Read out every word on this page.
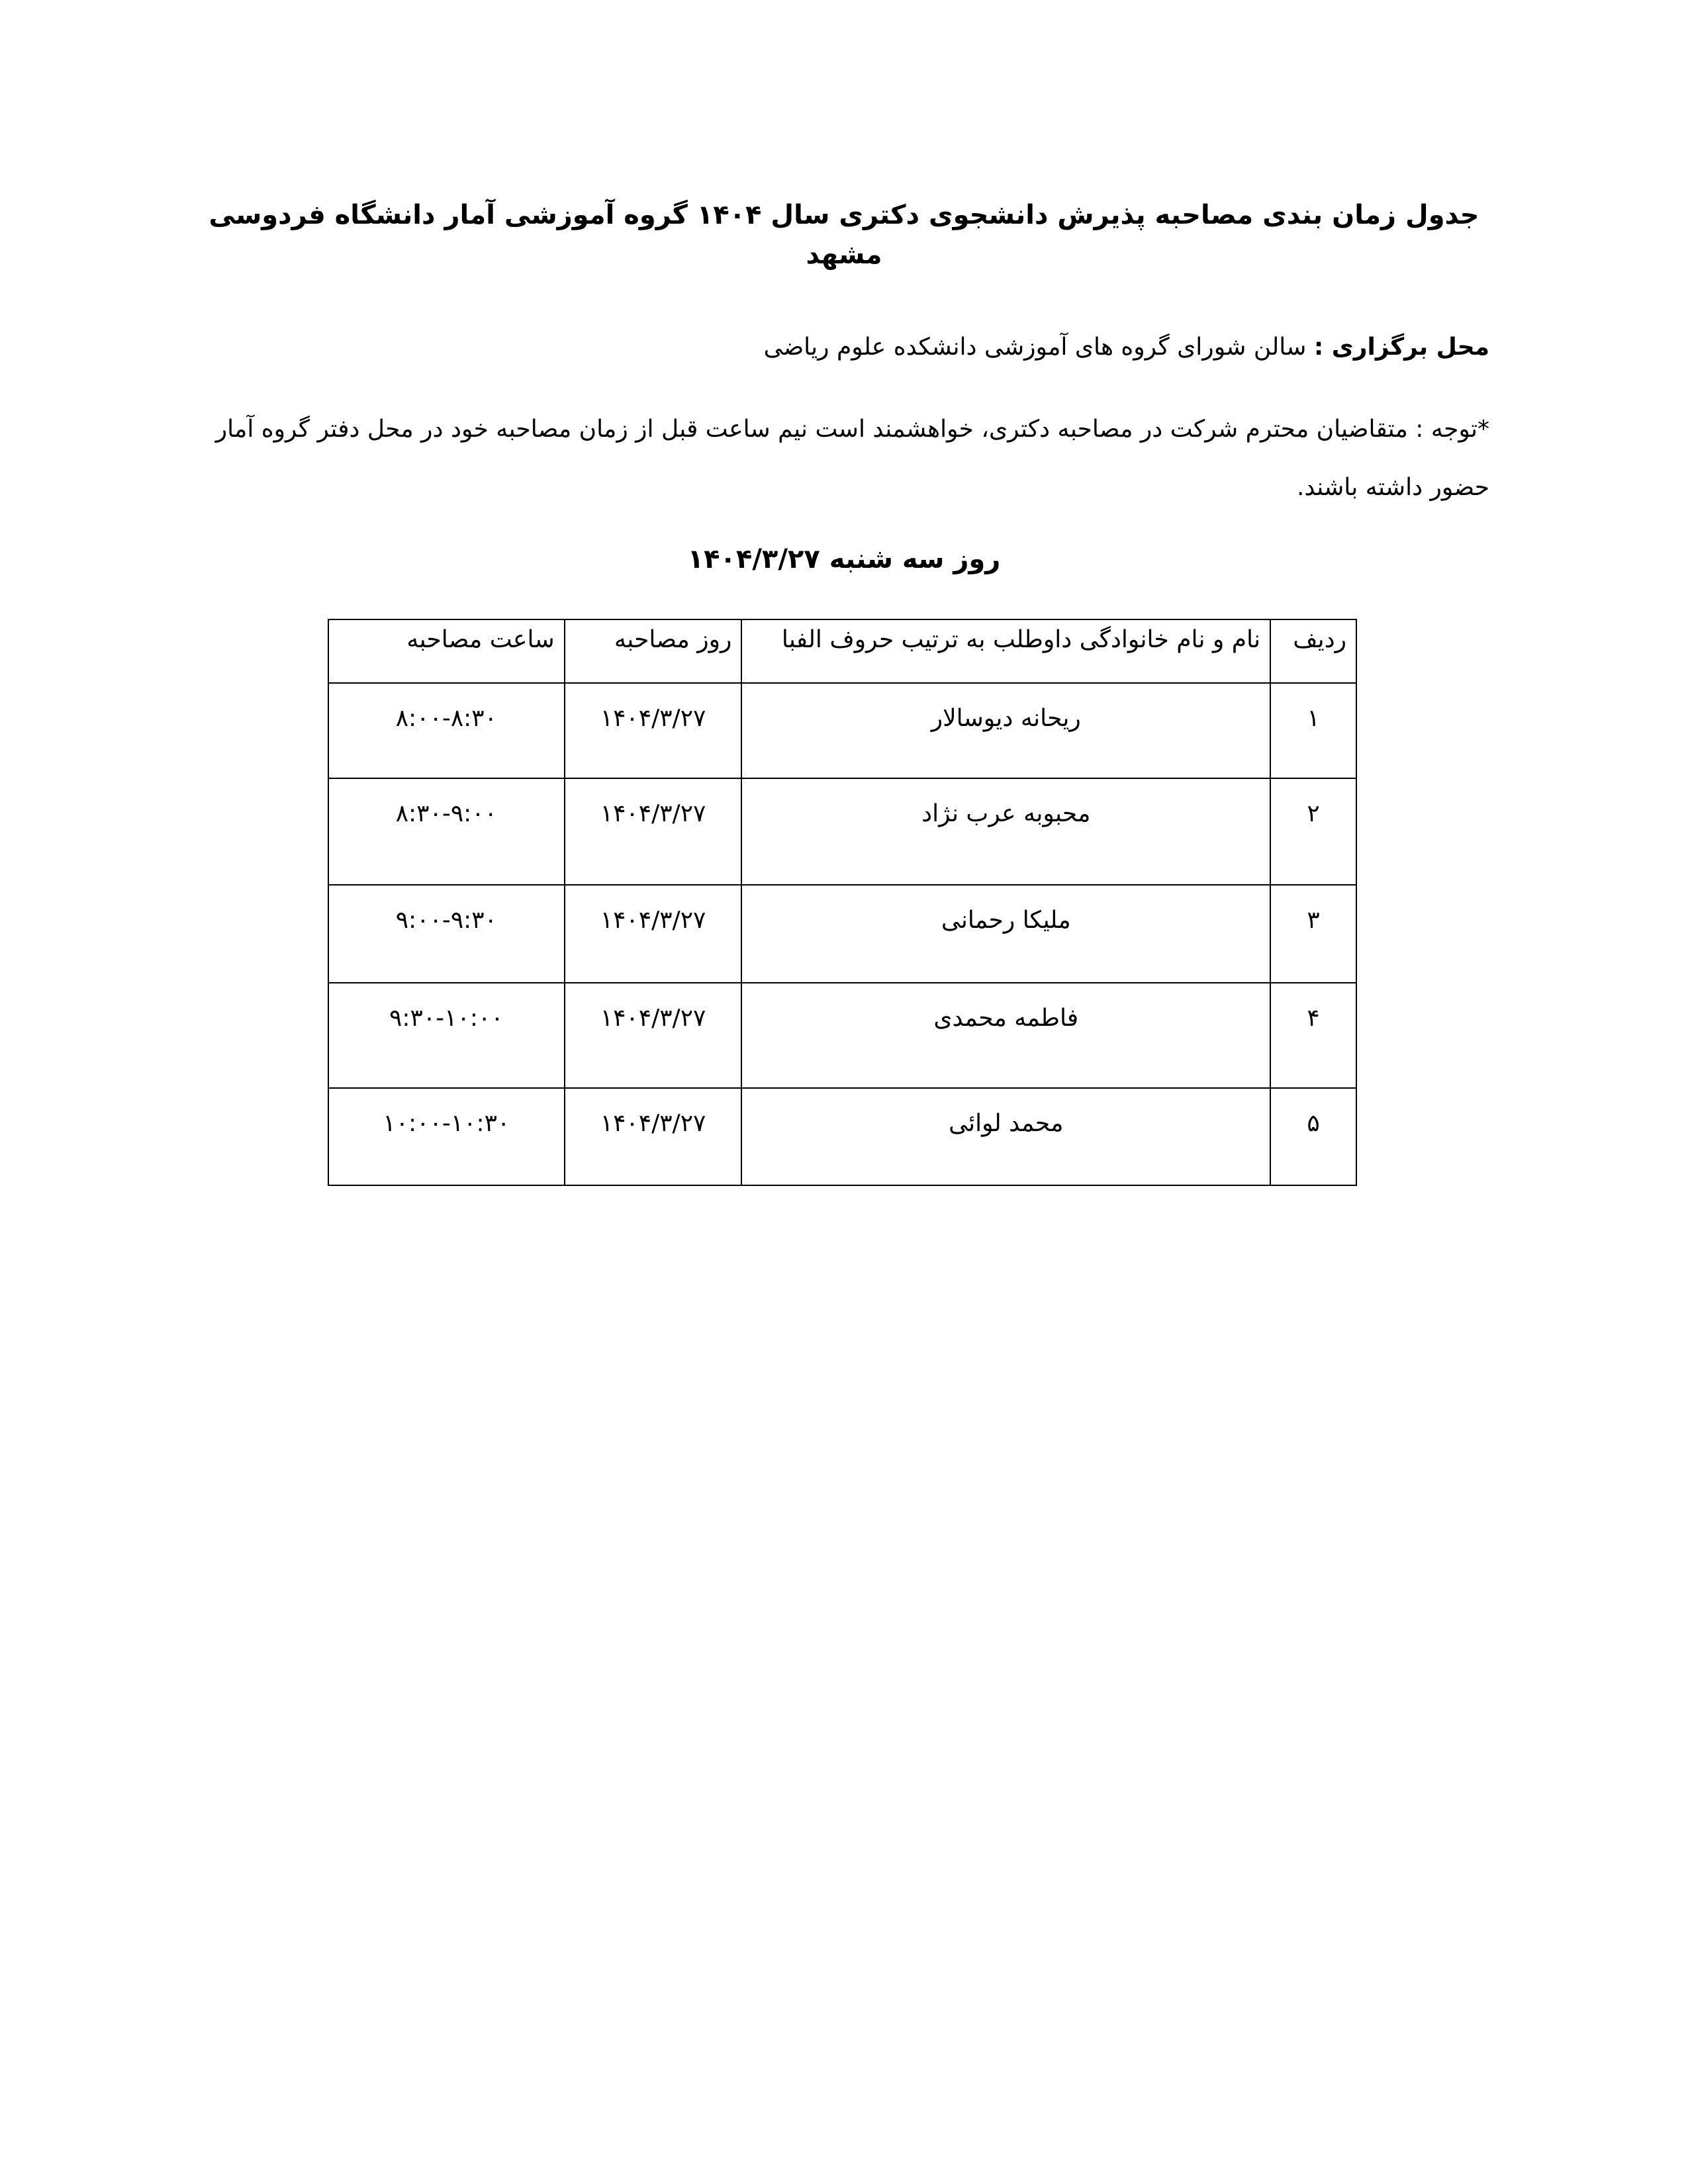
جدول زمان بندی مصاحبه پذیرش دانشجوی دکتری سال ۱۴۰۴ گروه آموزشی آمار دانشگاه فردوسی مشهد
محل برگزاری : سالن شورای گروه های آموزشی دانشکده علوم ریاضی

*توجه : متقاضیان محترم شرکت در مصاحبه دکتری، خواهشمند است نیم ساعت قبل از زمان مصاحبه خود در محل دفتر گروه آمار حضور داشته باشند.

روز سه شنبه ۱۴۰۴/۳/۲۷
ردیف	نام و نام خانوادگی داوطلب به ترتیب حروف الفبا	روز مصاحبه	ساعت مصاحبه
۱	ریحانه دیوسالار	۱۴۰۴/۳/۲۷	۸:۰۰-۸:۳۰
۲	محبوبه عرب نژاد	۱۴۰۴/۳/۲۷	۸:۳۰-۹:۰۰
۳	ملیکا رحمانی	۱۴۰۴/۳/۲۷	۹:۰۰-۹:۳۰
۴	فاطمه محمدی	۱۴۰۴/۳/۲۷	۹:۳۰-۱۰:۰۰
۵	محمد لوائی	۱۴۰۴/۳/۲۷	۱۰:۰۰-۱۰:۳۰
